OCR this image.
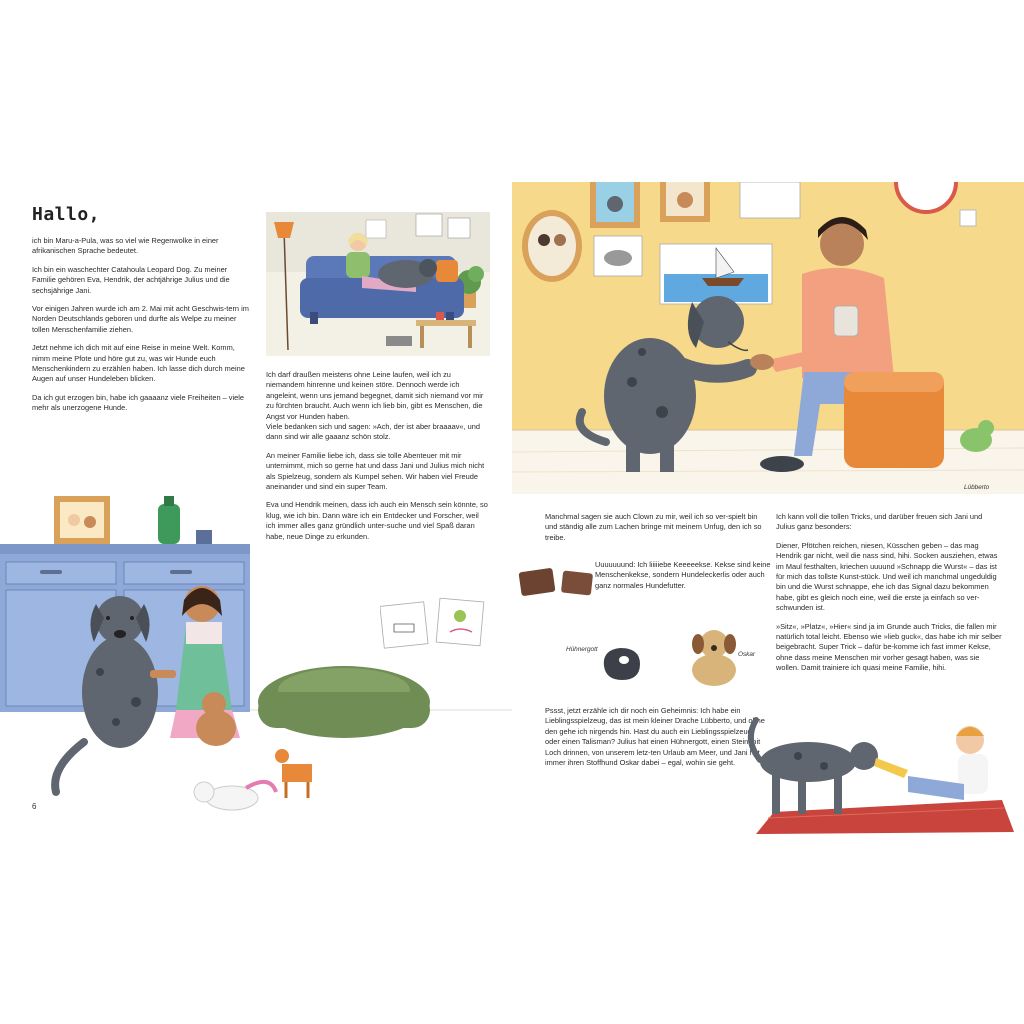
Hallo,

ich bin Maru-a-Pula, was so viel wie Regenwolke in einer afrikanischen Sprache bedeutet.

Ich bin ein waschechter Catahoula Leopard Dog. Zu meiner Familie gehören Eva, Hendrik, der achtjährige Julius und die sechsjährige Jani.

Vor einigen Jahren wurde ich am 2. Mai mit acht Geschwis-tern im Norden Deutschlands geboren und durfte als Welpe zu meiner tollen Menschenfamilie ziehen.

Jetzt nehme ich dich mit auf eine Reise in meine Welt. Komm, nimm meine Pfote und höre gut zu, was wir Hunde euch Menschenkindern zu erzählen haben. Ich lasse dich durch meine Augen auf unser Hundeleben blicken.

Da ich gut erzogen bin, habe ich gaaaanz viele Freiheiten – viele mehr als unerzogene Hunde.

Ich darf draußen meistens ohne Leine laufen, weil ich zu niemandem hinrenne und keinen störe. Dennoch werde ich angeleint, wenn uns jemand begegnet, damit sich niemand vor mir zu fürchten braucht. Auch wenn ich lieb bin, gibt es Menschen, die Angst vor Hunden haben.

Viele bedanken sich und sagen: »Ach, der ist aber braaaav«, und dann sind wir alle gaaanz schön stolz.

An meiner Familie liebe ich, dass sie tolle Abenteuer mit mir unternimmt, mich so gerne hat und dass Jani und Julius mich nicht als Spielzeug, sondern als Kumpel sehen. Wir haben viel Freude aneinander und sind ein super Team.

Eva und Hendrik meinen, dass ich auch ein Mensch sein könnte, so klug, wie ich bin. Dann wäre ich ein Entdecker und Forscher, weil ich immer alles ganz gründlich unter-suche und viel Spaß daran habe, neue Dinge zu erkunden.

6
Lübberto

Manchmal sagen sie auch Clown zu mir, weil ich so ver-spielt bin und ständig alle zum Lachen bringe mit meinem Unfug, den ich so treibe.

Uuuuuuund: Ich liiiiiebe Keeeeekse. Kekse sind keine Menschenkekse, sondern Hundeleckerlis oder auch ganz normales Hundefutter.

Hühnergott
Oskar

Pssst, jetzt erzähle ich dir noch ein Geheimnis: Ich habe ein Lieblingsspielzeug, das ist mein kleiner Drache Lübberto, und ohne den gehe ich nirgends hin. Hast du auch ein Lieblingsspielzeug oder einen Talisman? Julius hat einen Hühnergott, einen Stein mit Loch drinnen, von unserem letz-ten Urlaub am Meer, und Jani hat immer ihren Stoffhund Oskar dabei – egal, wohin sie geht.

Ich kann voll die tollen Tricks, und darüber freuen sich Jani und Julius ganz besonders:

Diener, Pfötchen reichen, niesen, Küsschen geben – das mag Hendrik gar nicht, weil die nass sind, hihi. Socken ausziehen, etwas im Maul festhalten, kriechen uuuund »Schnapp die Wurst« – das ist für mich das tollste Kunst-stück. Und weil ich manchmal ungeduldig bin und die Wurst schnappe, ehe ich das Signal dazu bekommen habe, gibt es gleich noch eine, weil die erste ja einfach so ver-schwunden ist.

»Sitz«, »Platz«, »Hier« sind ja im Grunde auch Tricks, die fallen mir natürlich total leicht. Ebenso wie »lieb guck«, das habe ich mir selber beigebracht. Super Trick – dafür be-komme ich fast immer Kekse, ohne dass meine Menschen mir vorher gesagt haben, was sie wollen. Damit trainiere ich quasi meine Familie, hihi.
